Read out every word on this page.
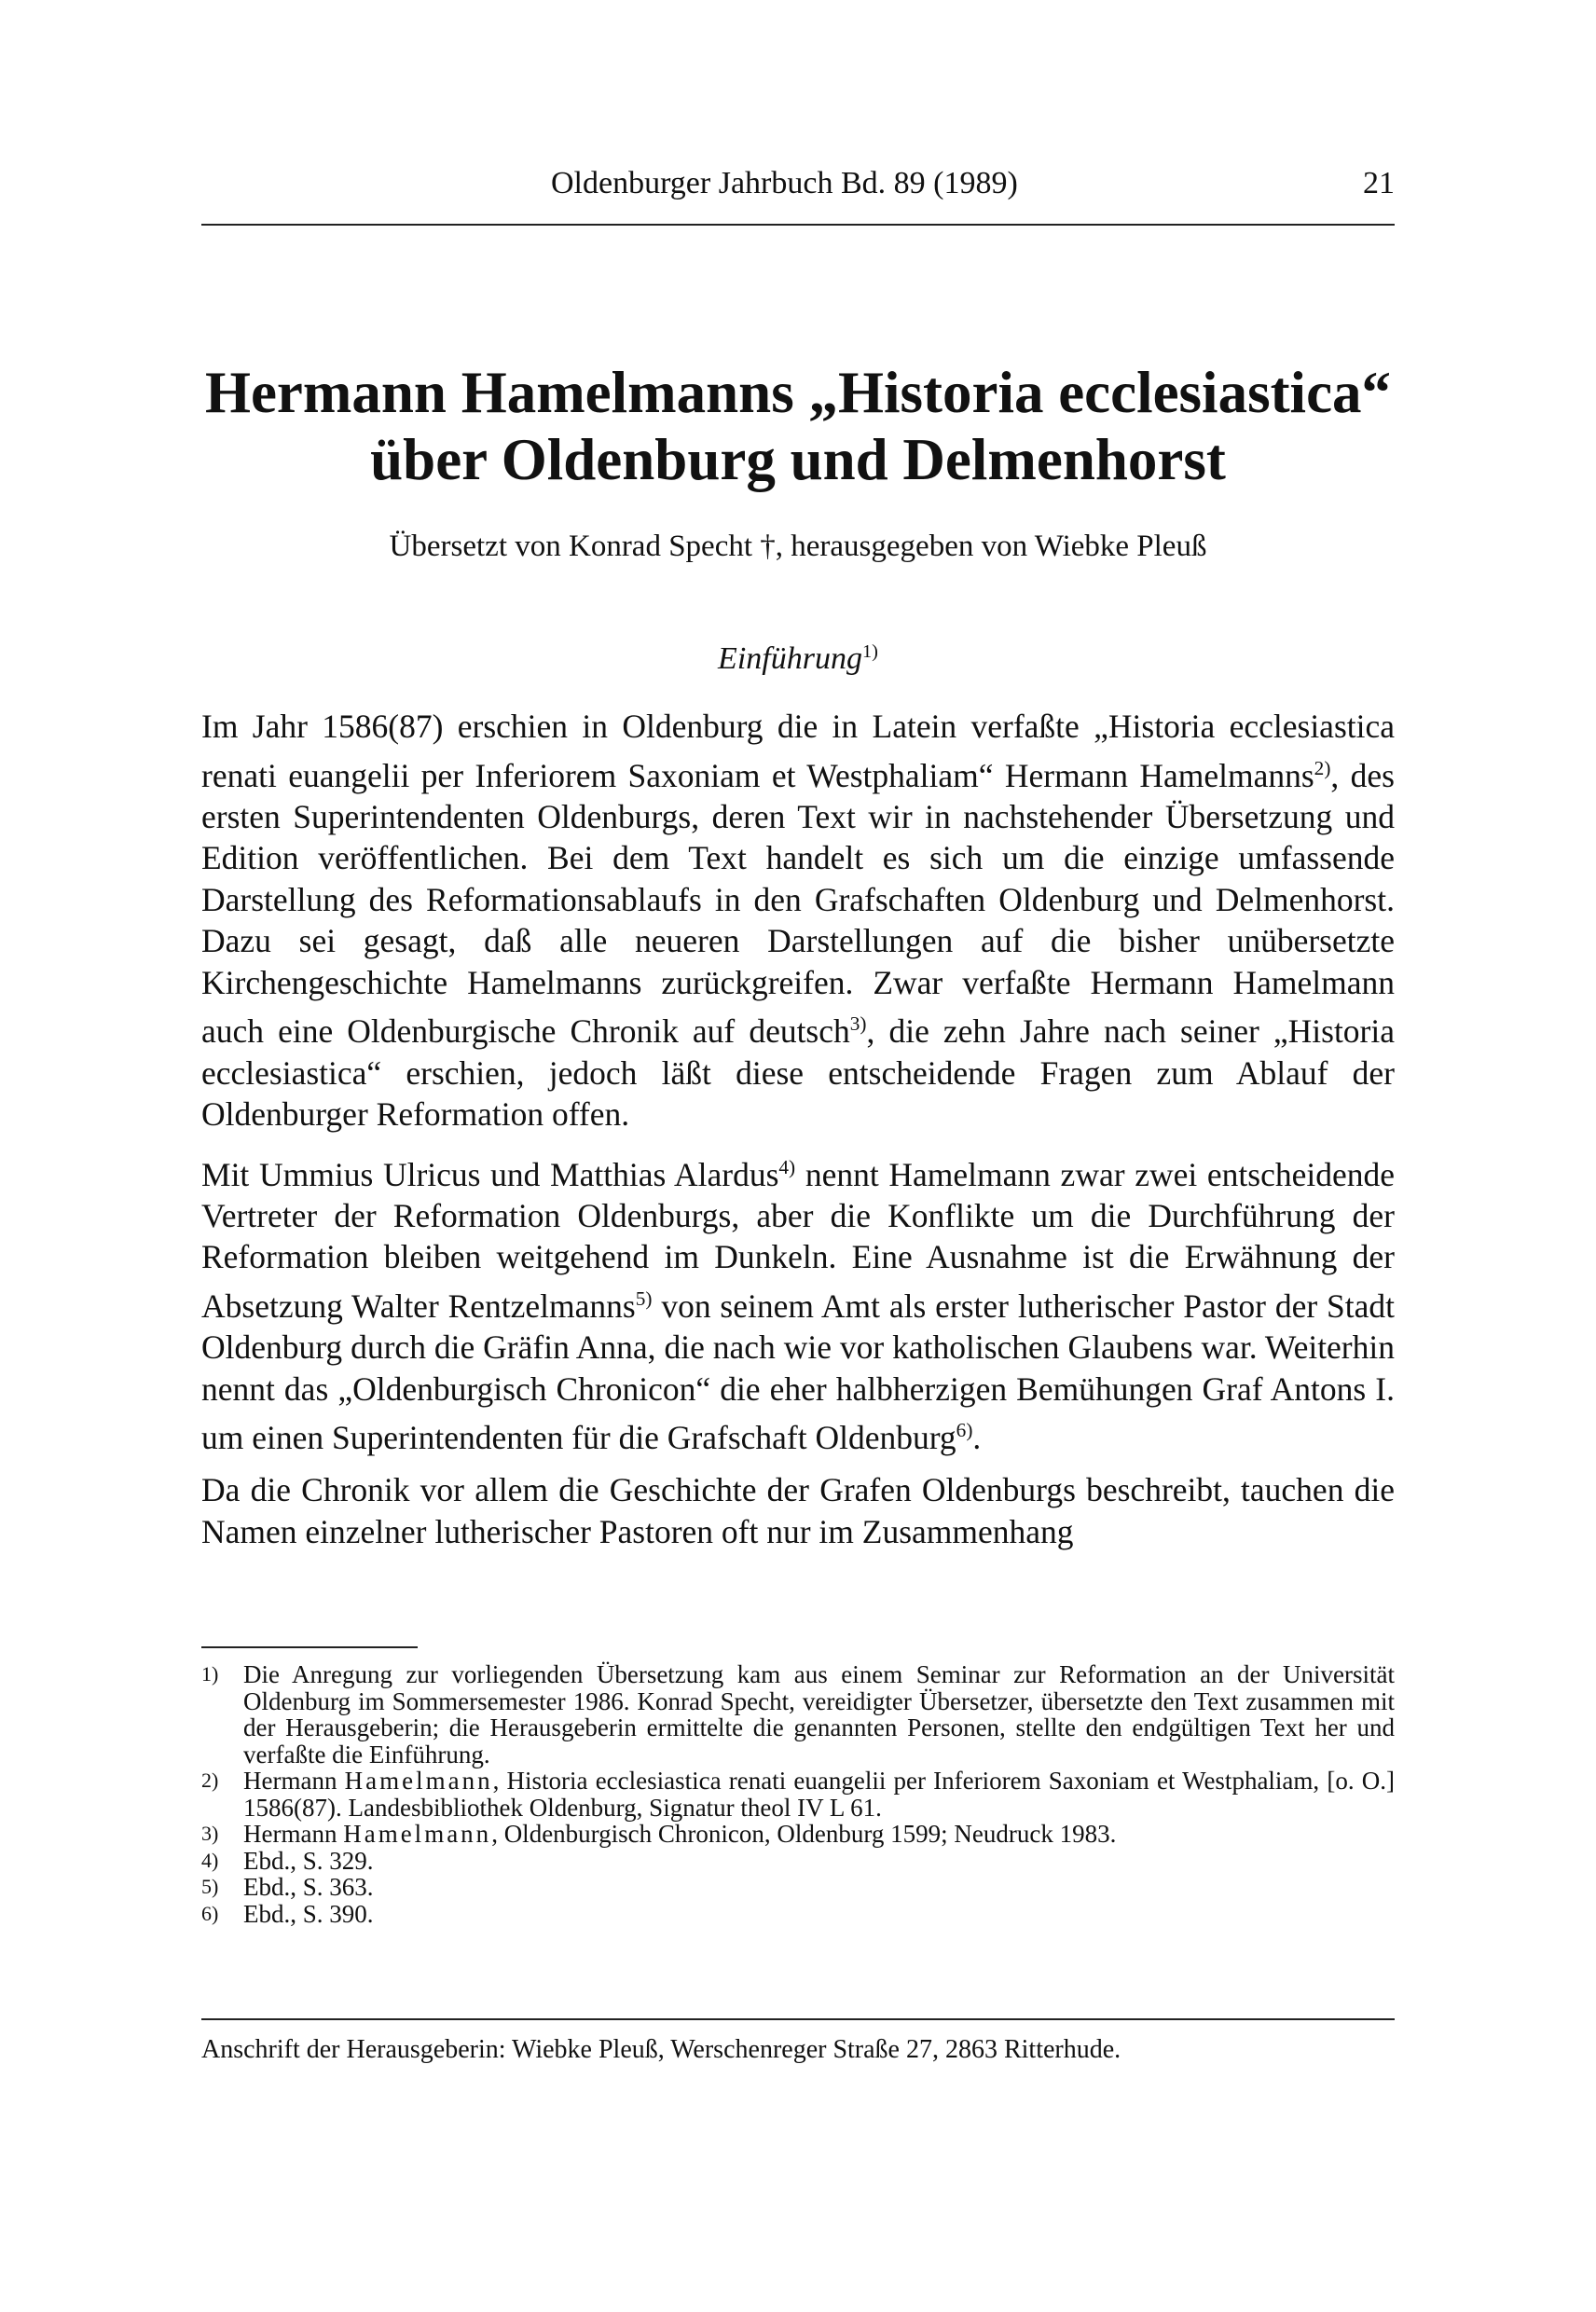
Oldenburger Jahrbuch Bd. 89 (1989)	21
Hermann Hamelmanns „Historia ecclesiastica“
über Oldenburg und Delmenhorst
Übersetzt von Konrad Specht †, herausgegeben von Wiebke Pleuß
Einführung$^{1)}$

Im Jahr 1586(87) erschien in Oldenburg die in Latein verfaßte „Historia ecclesiastica renati euangelii per Inferiorem Saxoniam et Westphaliam“ Hermann Hamelmanns$^{2)}$, des ersten Superintendenten Oldenburgs, deren Text wir in nachstehender Übersetzung und Edition veröffentlichen. Bei dem Text handelt es sich um die einzige umfassende Darstellung des Reformationsablaufs in den Grafschaften Oldenburg und Delmenhorst. Dazu sei gesagt, daß alle neueren Darstellungen auf die bisher unübersetzte Kirchengeschichte Hamelmanns zurückgreifen. Zwar verfaßte Hermann Hamelmann auch eine Oldenburgische Chronik auf deutsch$^{3)}$, die zehn Jahre nach seiner „Historia ecclesiastica“ erschien, jedoch läßt diese entscheidende Fragen zum Ablauf der Oldenburger Reformation offen.

Mit Ummius Ulricus und Matthias Alardus$^{4)}$ nennt Hamelmann zwar zwei entscheidende Vertreter der Reformation Oldenburgs, aber die Konflikte um die Durchführung der Reformation bleiben weitgehend im Dunkeln. Eine Ausnahme ist die Erwähnung der Absetzung Walter Rentzelmanns$^{5)}$ von seinem Amt als erster lutherischer Pastor der Stadt Oldenburg durch die Gräfin Anna, die nach wie vor katholischen Glaubens war. Weiterhin nennt das „Oldenburgisch Chronicon“ die eher halbherzigen Bemühungen Graf Antons I. um einen Superintendenten für die Grafschaft Oldenburg$^{6)}$.

Da die Chronik vor allem die Geschichte der Grafen Oldenburgs beschreibt, tauchen die Namen einzelner lutherischer Pastoren oft nur im Zusammenhang

1) Die Anregung zur vorliegenden Übersetzung kam aus einem Seminar zur Reformation an der Universität Oldenburg im Sommersemester 1986. Konrad Specht, vereidigter Übersetzer, übersetzte den Text zusammen mit der Herausgeberin; die Herausgeberin ermittelte die genannten Personen, stellte den endgültigen Text her und verfaßte die Einführung.
2) Hermann Hamelmann, Historia ecclesiastica renati euangelii per Inferiorem Saxoniam et Westphaliam, [o. O.] 1586(87). Landesbibliothek Oldenburg, Signatur theol IV L 61.
3) Hermann Hamelmann, Oldenburgisch Chronicon, Oldenburg 1599; Neudruck 1983.
4) Ebd., S. 329.
5) Ebd., S. 363.
6) Ebd., S. 390.
Anschrift der Herausgeberin: Wiebke Pleuß, Werschenreger Straße 27, 2863 Ritterhude.
